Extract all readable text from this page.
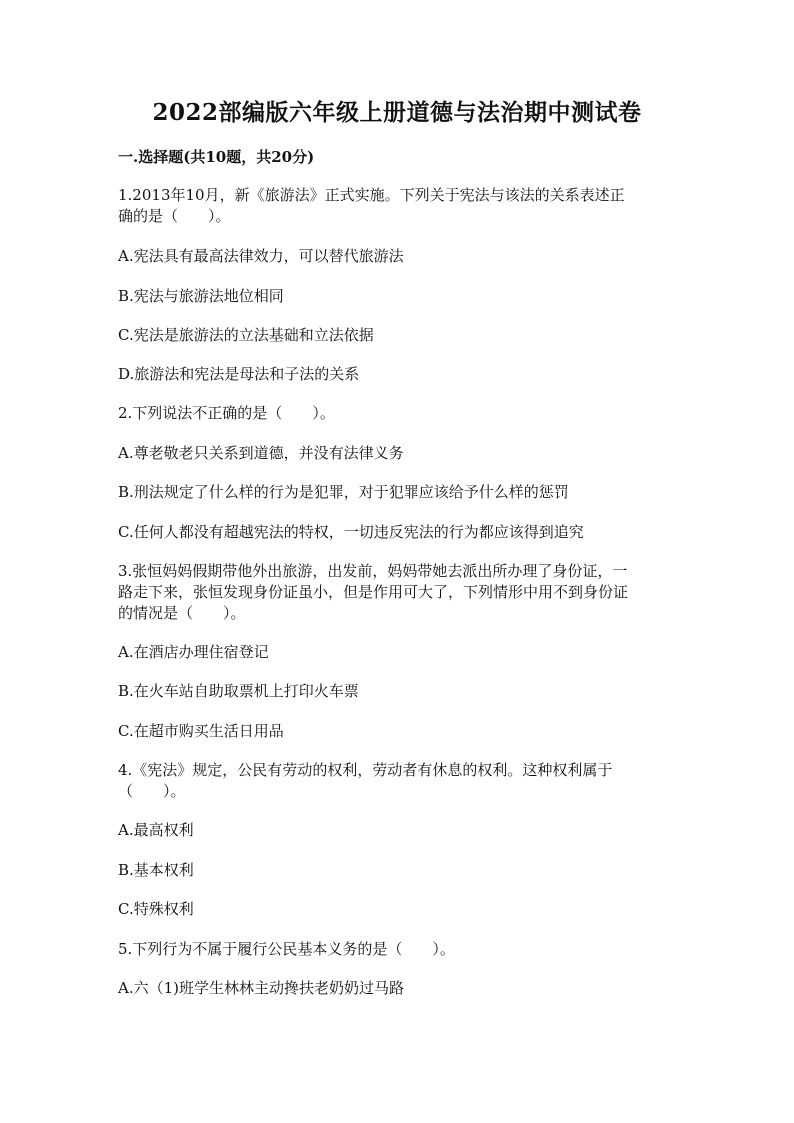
2022部编版六年级上册道德与法治期中测试卷
一.选择题(共10题，共20分)
1.2013年10月，新《旅游法》正式实施。下列关于宪法与该法的关系表述正
确的是（　　）。
A.宪法具有最高法律效力，可以替代旅游法
B.宪法与旅游法地位相同
C.宪法是旅游法的立法基础和立法依据
D.旅游法和宪法是母法和子法的关系
2.下列说法不正确的是（　　）。
A.尊老敬老只关系到道德，并没有法律义务
B.刑法规定了什么样的行为是犯罪，对于犯罪应该给予什么样的惩罚
C.任何人都没有超越宪法的特权，一切违反宪法的行为都应该得到追究
3.张恒妈妈假期带他外出旅游，出发前，妈妈带她去派出所办理了身份证，一
路走下来，张恒发现身份证虽小，但是作用可大了，下列情形中用不到身份证
的情况是（　　）。
A.在酒店办理住宿登记
B.在火车站自助取票机上打印火车票
C.在超市购买生活日用品
4.《宪法》规定，公民有劳动的权利，劳动者有休息的权利。这种权利属于
（　　）。
A.最高权利
B.基本权利
C.特殊权利
5.下列行为不属于履行公民基本义务的是（　　）。
A.六（1)班学生林林主动搀扶老奶奶过马路
